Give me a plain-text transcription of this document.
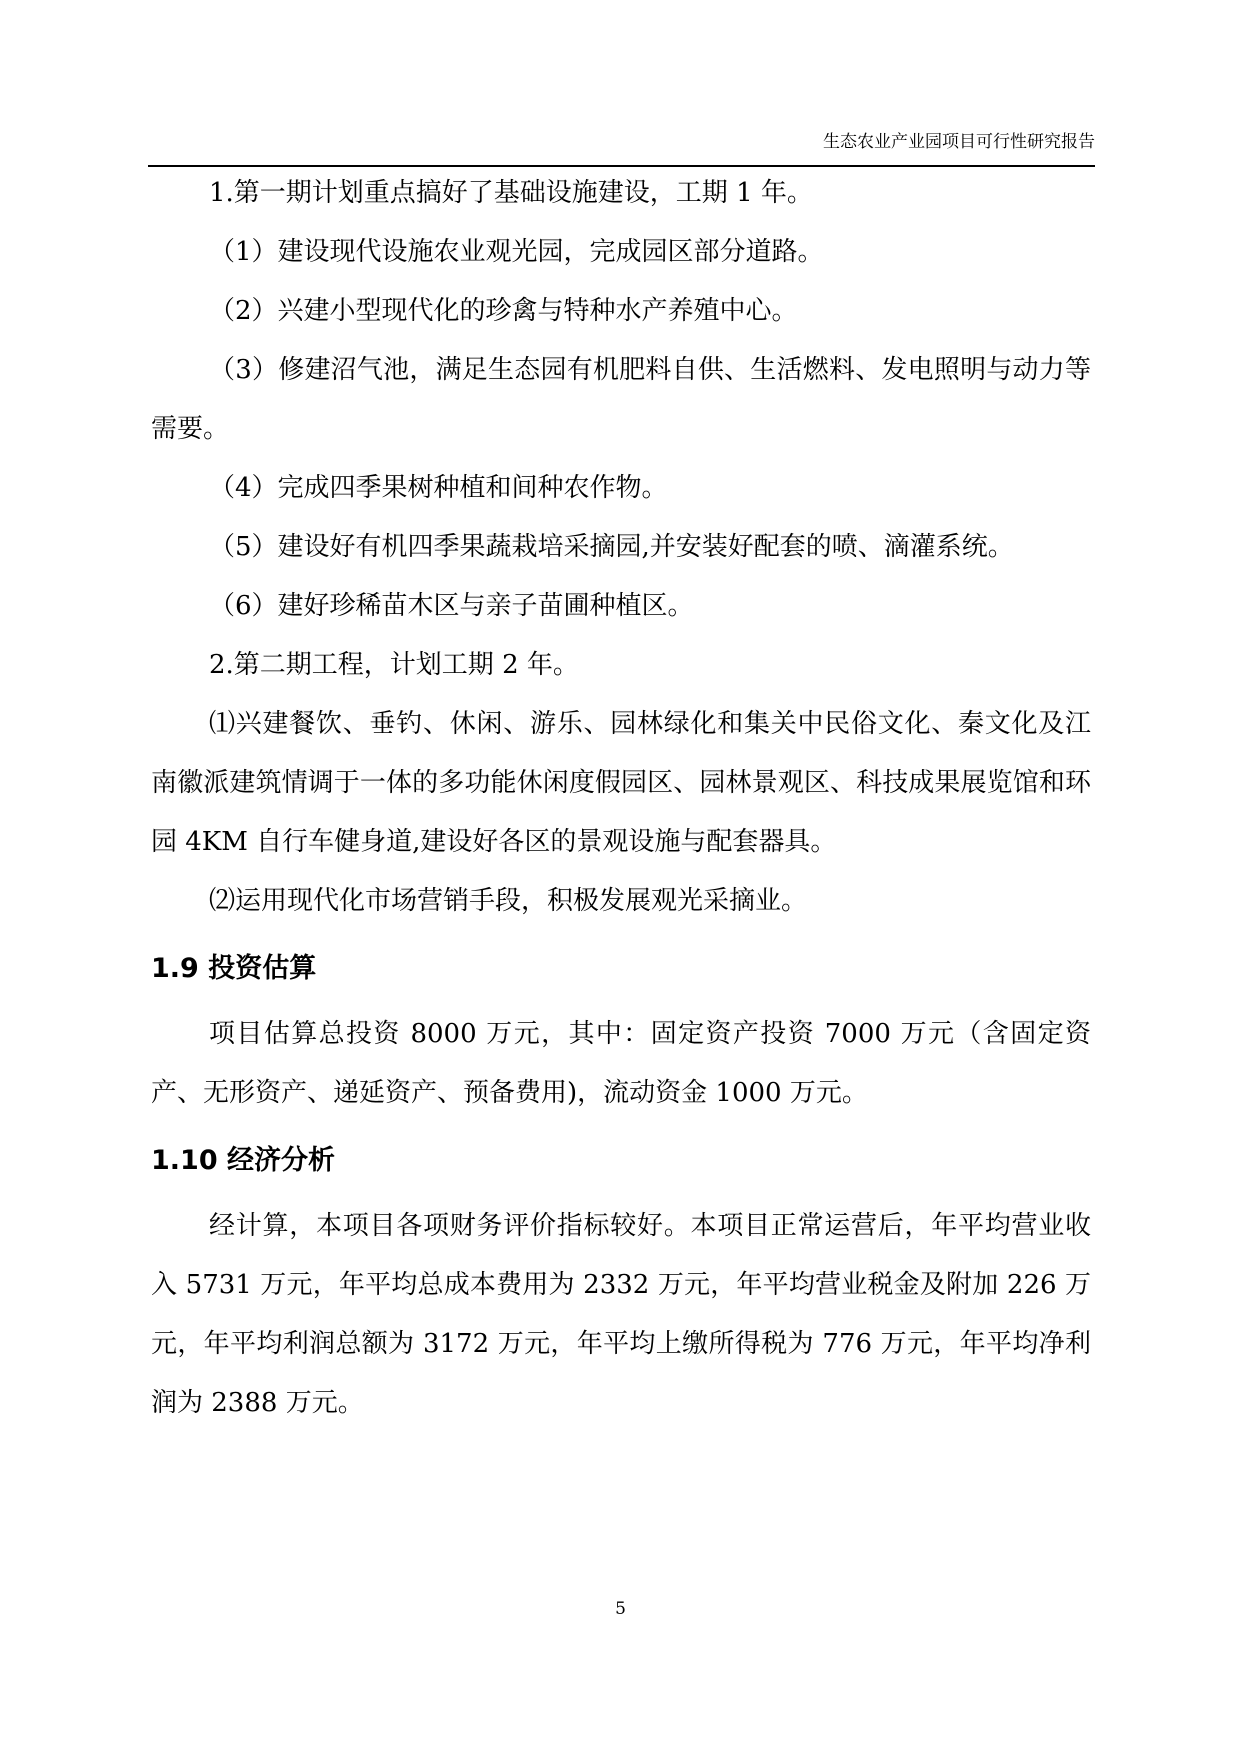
生态农业产业园项目可行性研究报告

1.第一期计划重点搞好了基础设施建设，工期 1 年。

（1）建设现代设施农业观光园，完成园区部分道路。

（2）兴建小型现代化的珍禽与特种水产养殖中心。

（3）修建沼气池，满足生态园有机肥料自供、生活燃料、发电照明与动力等需要。

（4）完成四季果树种植和间种农作物。

（5）建设好有机四季果蔬栽培采摘园,并安装好配套的喷、滴灌系统。

（6）建好珍稀苗木区与亲子苗圃种植区。

2.第二期工程，计划工期 2 年。

⑴兴建餐饮、垂钓、休闲、游乐、园林绿化和集关中民俗文化、秦文化及江南徽派建筑情调于一体的多功能休闲度假园区、园林景观区、科技成果展览馆和环园 4KM 自行车健身道,建设好各区的景观设施与配套器具。

⑵运用现代化市场营销手段，积极发展观光采摘业。

1.9 投资估算

项目估算总投资 8000 万元，其中：固定资产投资 7000 万元（含固定资产、无形资产、递延资产、预备费用)，流动资金 1000 万元。

1.10 经济分析

经计算，本项目各项财务评价指标较好。本项目正常运营后，年平均营业收入 5731 万元，年平均总成本费用为 2332 万元，年平均营业税金及附加 226 万元，年平均利润总额为 3172 万元，年平均上缴所得税为 776 万元，年平均净利润为 2388 万元。

5
